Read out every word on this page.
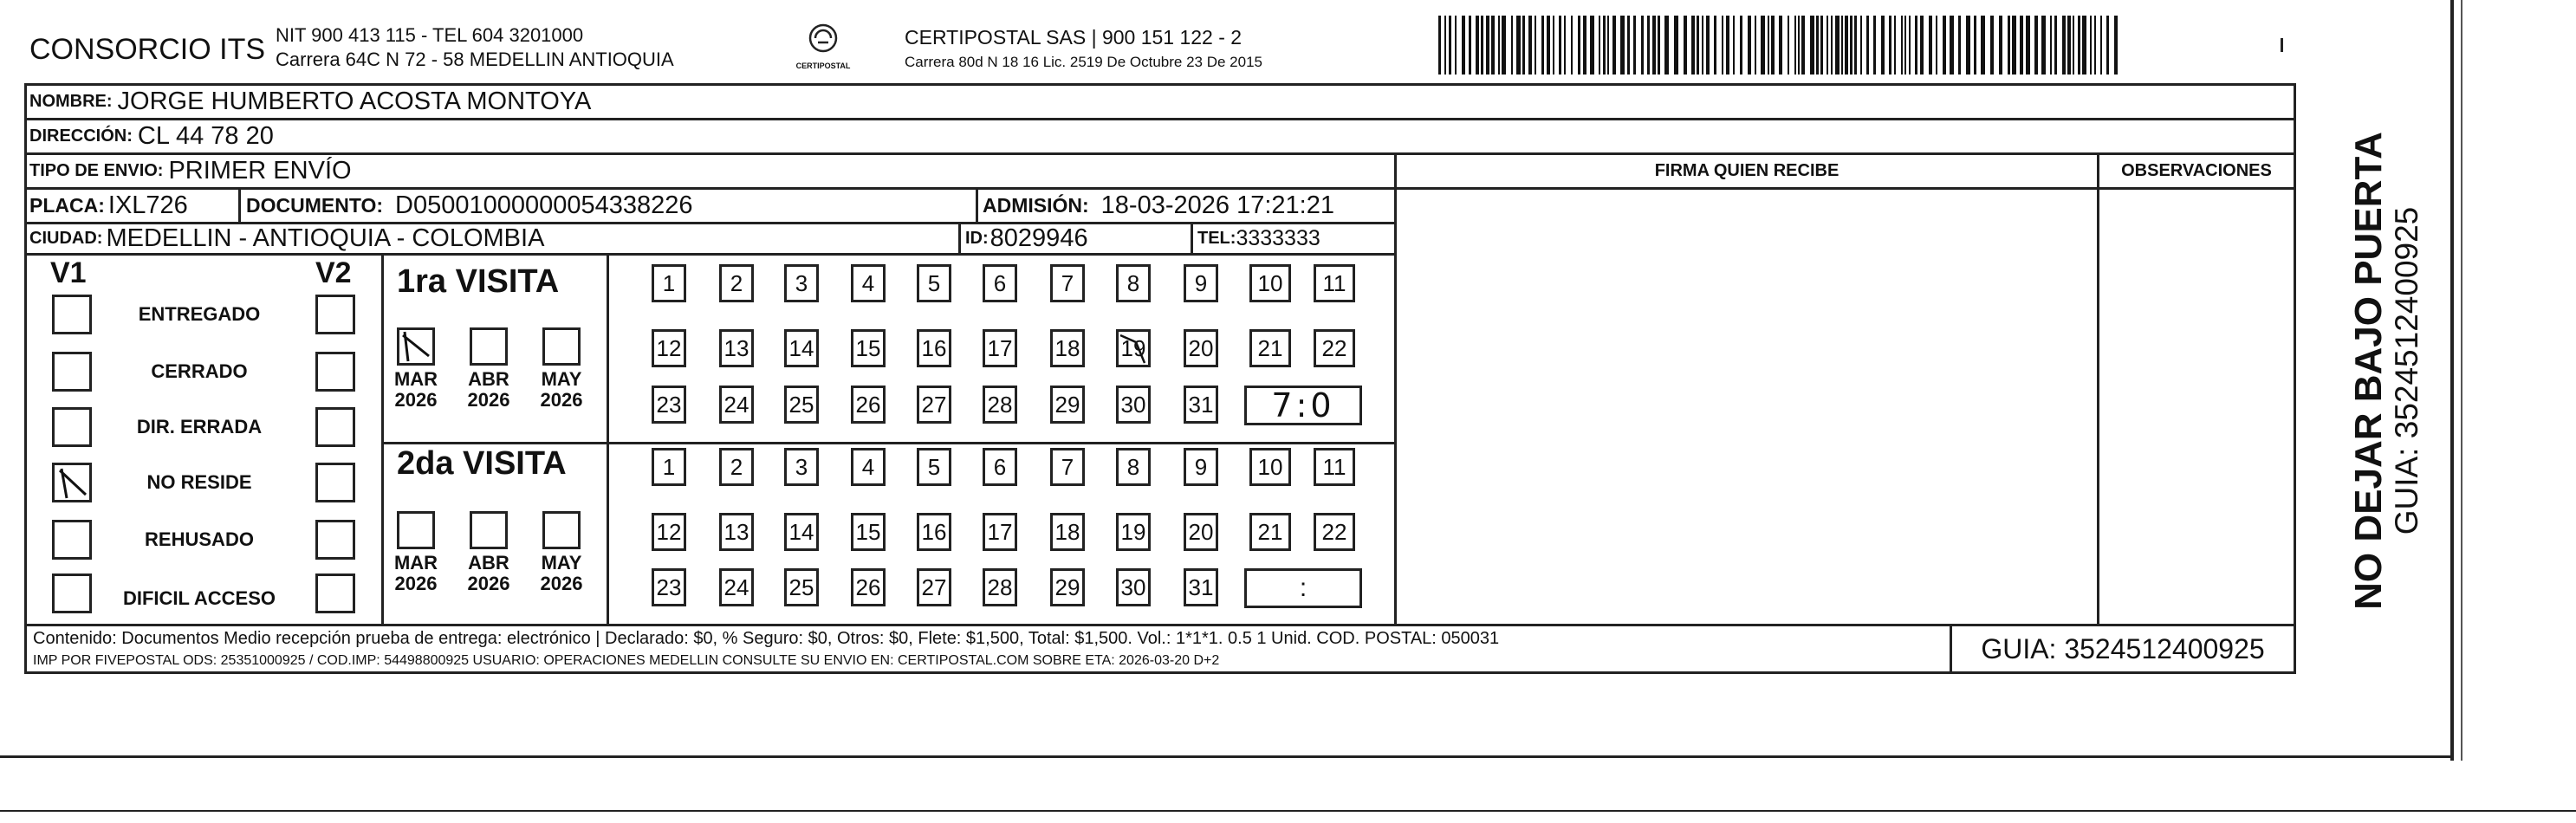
CONSORCIO ITS NIT 900 413 115 - TEL 604 3201000
Carrera 64C N 72 - 58 MEDELLIN ANTIOQUIA	CERTIPOSTAL
CERTIPOSTAL SAS | 900 151 122 - 2
Carrera 80d N 18 16 Lic. 2519 De Octubre 23 De 2015
NOMBRE: JORGE HUMBERTO ACOSTA MONTOYA
DIRECCIÓN: CL 44 78 20
TIPO DE ENVIO: PRIMER ENVÍO	FIRMA QUIEN RECIBE	OBSERVACIONES
PLACA: IXL726	DOCUMENTO: D05001000000054338226	ADMISIÓN: 18-03-2026 17:21:21
CIUDAD: MEDELLIN - ANTIOQUIA - COLOMBIA	ID: 8029946	TEL: 3333333
V1	V2
ENTREGADO
CERRADO
DIR. ERRADA
NO RESIDE
REHUSADO
DIFICIL ACCESO
1ra VISITA
MAR
2026
ABR
2026
MAY
2026
1 2 3 4 5 6 7 8 9 10 11
12 13 14 15 16 17 18 19 20 21 22
23 24 25 26 27 28 29 30 31 7:0
2da VISITA
MAR
2026
ABR
2026
MAY
2026
1 2 3 4 5 6 7 8 9 10 11
12 13 14 15 16 17 18 19 20 21 22
23 24 25 26 27 28 29 30 31	:
Contenido: Documentos Medio recepción prueba de entrega: electrónico | Declarado: $0, % Seguro: $0, Otros: $0, Flete: $1,500, Total: $1,500. Vol.: 1*1*1. 0.5 1 Unid. COD. POSTAL: 050031
IMP POR FIVEPOSTAL ODS: 25351000925 / COD.IMP: 54498800925 USUARIO: OPERACIONES MEDELLIN CONSULTE SU ENVIO EN: CERTIPOSTAL.COM SOBRE ETA: 2026-03-20 D+2	GUIA: 3524512400925
NO DEJAR BAJO PUERTA GUIA: 3524512400925
